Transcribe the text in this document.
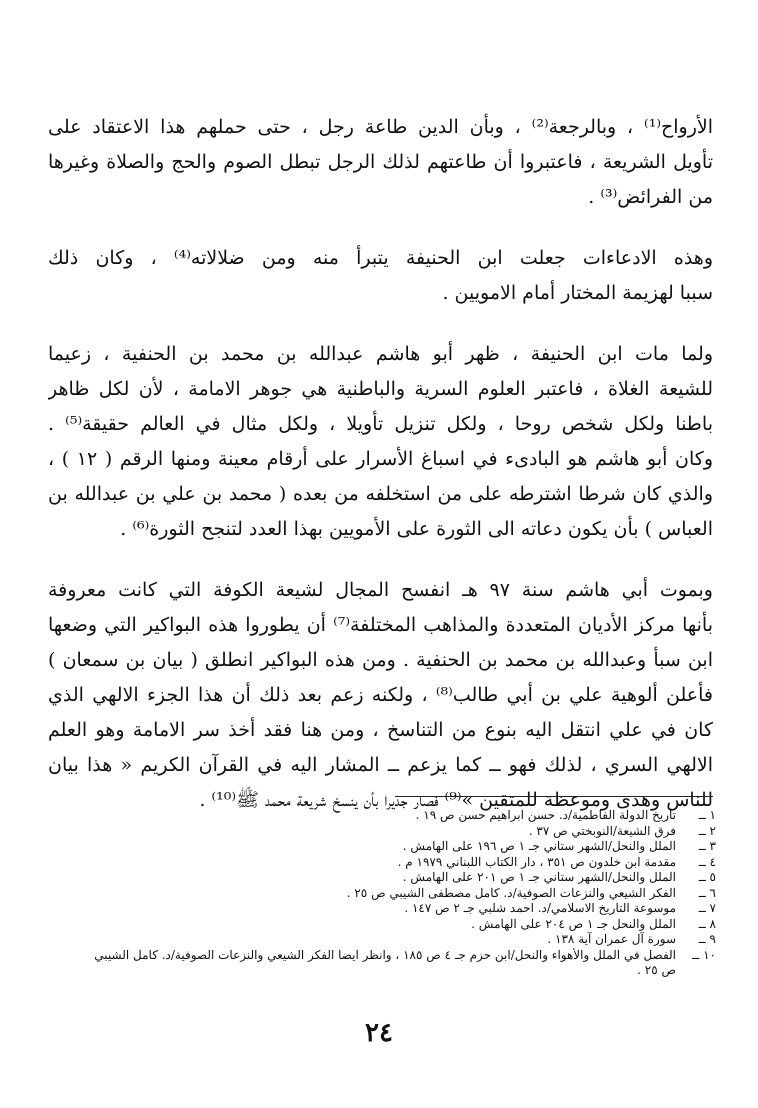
الأرواح⁽¹⁾ ، وبالرجعة⁽²⁾ ، وبأن الدين طاعة رجل ، حتى حملهم هذا الاعتقاد على
تأويل الشريعة ، فاعتبروا أن طاعتهم لذلك الرجل تبطل الصوم والحج والصلاة وغيرها
من الفرائض⁽³⁾ .
وهذه الادعاءات جعلت ابن الحنيفة يتبرأ منه ومن ضلالاته⁽⁴⁾ ، وكان ذلك
سببا لهزيمة المختار أمام الامويين .
ولما مات ابن الحنيفة ، ظهر أبو هاشم عبدالله بن محمد بن الحنفية ، زعيما
للشيعة الغلاة ، فاعتبر العلوم السرية والباطنية هي جوهر الامامة ، لأن لكل ظاهر
باطنا ولكل شخص روحا ، ولكل تنزيل تأويلا ، ولكل مثال في العالم حقيقة⁽⁵⁾ .
وكان أبو هاشم هو البادىء في اسباغ الأسرار على أرقام معينة ومنها الرقم ( ١٢ ) ،
والذي كان شرطا اشترطه على من استخلفه من بعده ( محمد بن علي بن عبدالله بن
العباس ) بأن يكون دعاته الى الثورة على الأمويين بهذا العدد لتنجح الثورة⁽⁶⁾ .
وبموت أبي هاشم سنة ٩٧ هـ انفسح المجال لشيعة الكوفة التي كانت معروفة
بأنها مركز الأديان المتعددة والمذاهب المختلفة⁽⁷⁾ أن يطوروا هذه البواكير التي وضعها
ابن سبأ وعبدالله بن محمد بن الحنفية . ومن هذه البواكير انطلق ( بيان بن سمعان )
فأعلن ألوهية علي بن أبي طالب⁽⁸⁾ ، ولكنه زعم بعد ذلك أن هذا الجزء الالهي الذي
كان في علي انتقل اليه بنوع من التناسخ ، ومن هنا فقد أخذ سر الامامة وهو العلم
الالهي السري ، لذلك فهو ــ كما يزعم ــ المشار اليه في القرآن الكريم « هذا بيان
للناس وهدى وموعظة للمتقين »⁽⁹⁾ فصار جديرا بأن ينسخ شريعة محمد ﷺ⁽¹⁰⁾ .
١ ــ
تاريخ الدولة الفاطمية/د. حسن ابراهيم حسن ص ١٩ .
٢ ــ
فرق الشيعة/النوبختي ص ٣٧ .
٣ ــ
الملل والنحل/الشهر ستاني جـ ١ ص ١٩٦ على الهامش .
٤ ــ
مقدمة ابن خلدون ص ٣٥١ ، دار الكتاب اللبناني ١٩٧٩ م .
٥ ــ
الملل والنحل/الشهر ستاني جـ ١ ص ٢٠١ على الهامش .
٦ ــ
الفكر الشيعي والنزعات الصوفية/د. كامل مصطفى الشيبي ص ٢٥ .
٧ ــ
موسوعة التاريخ الاسلامي/د. احمد شلبي جـ ٢ ص ١٤٧ .
٨ ــ
الملل والنحل جـ ١ ص ٢٠٤ على الهامش .
٩ ــ
سورة آل عمران آية ١٣٨ .
١٠ ــ
الفصل في الملل والأهواء والنحل/ابن حزم جـ ٤ ص ١٨٥ ، وانظر ايضا الفكر الشيعي والنزعات الصوفية/د. كامل الشيبي
ص ٢٥ .
٢٤
